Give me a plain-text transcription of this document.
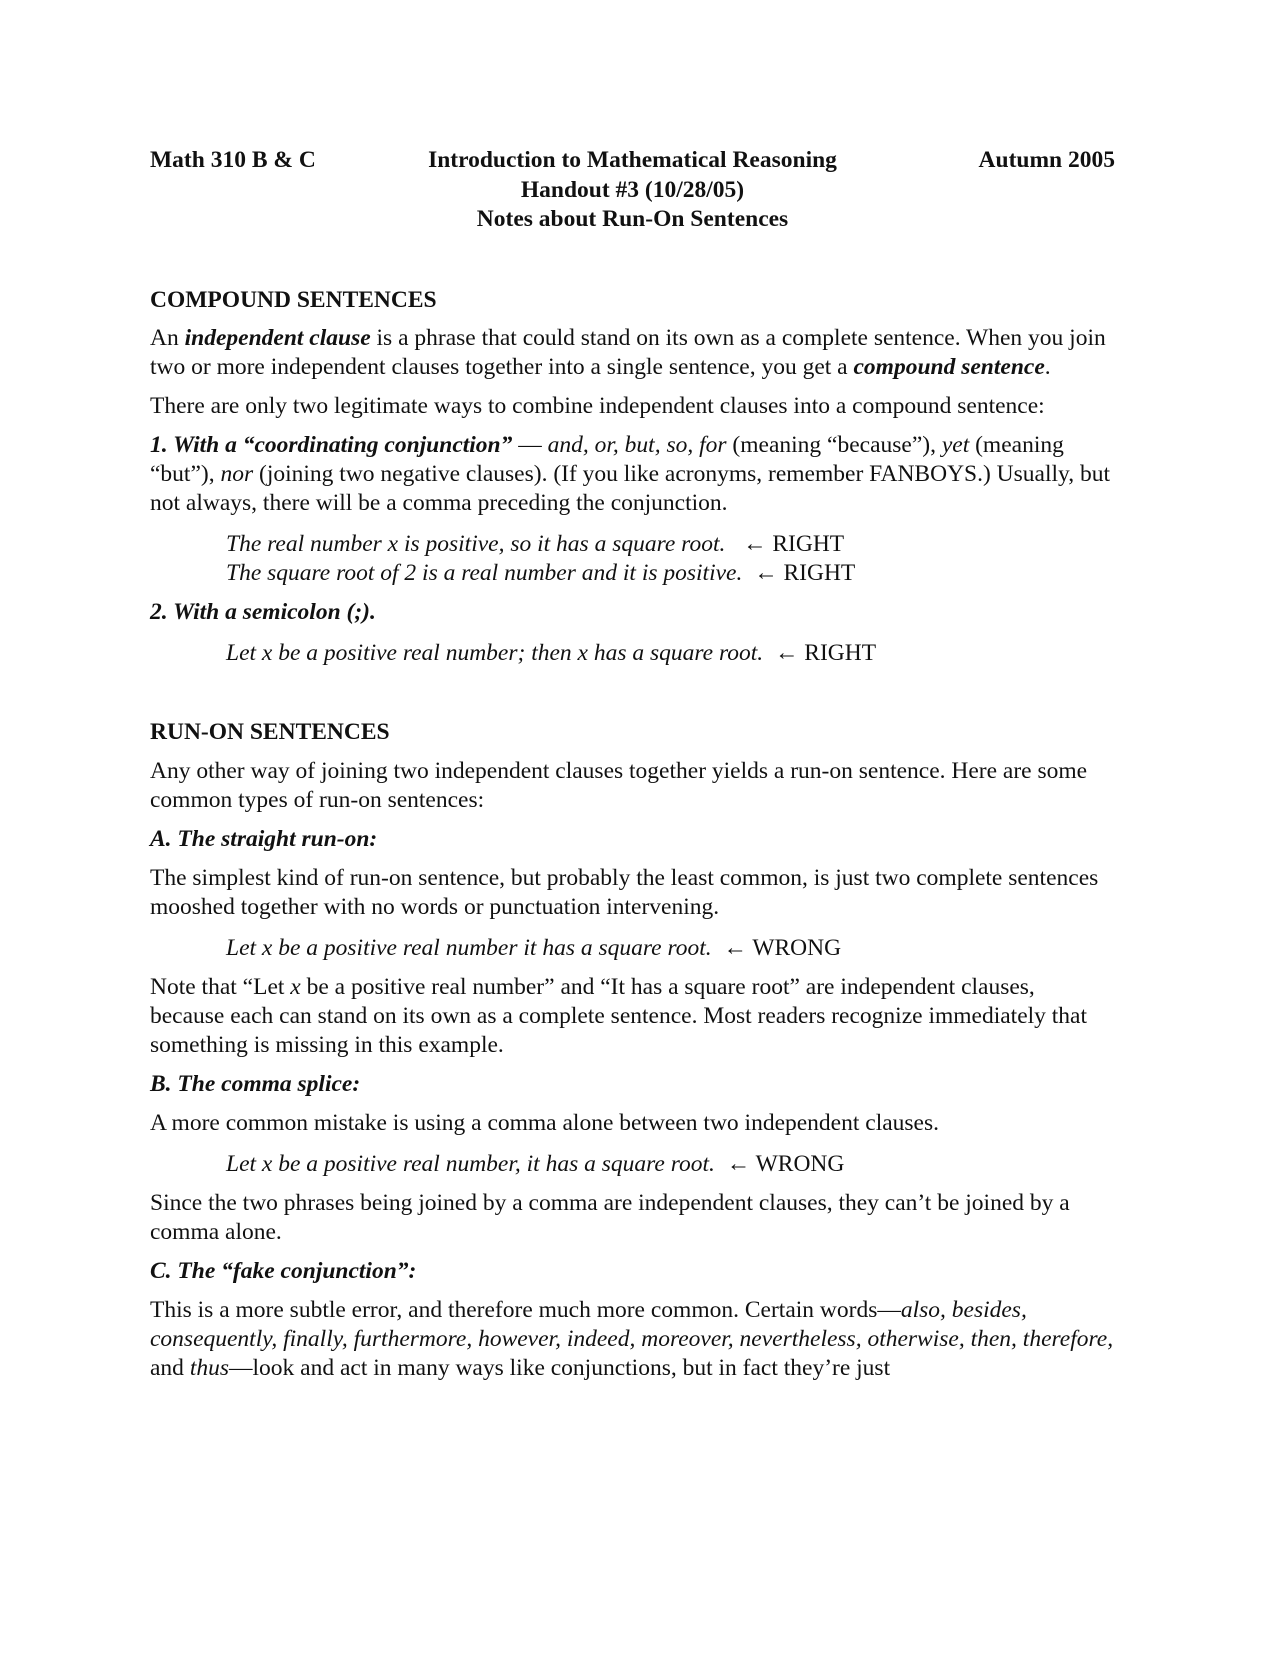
Math 310 B & C	Introduction to Mathematical Reasoning	Autumn 2005
Handout #3 (10/28/05)
Notes about Run-On Sentences
COMPOUND SENTENCES

An independent clause is a phrase that could stand on its own as a complete sentence. When you join two or more independent clauses together into a single sentence, you get a compound sentence.

There are only two legitimate ways to combine independent clauses into a compound sentence:

1. With a “coordinating conjunction” — and, or, but, so, for (meaning “because”), yet (meaning “but”), nor (joining two negative clauses). (If you like acronyms, remember FANBOYS.) Usually, but not always, there will be a comma preceding the conjunction.

The real number x is positive, so it has a square root. ← RIGHT

The square root of 2 is a real number and it is positive. ← RIGHT

2. With a semicolon (;).

Let x be a positive real number; then x has a square root. ← RIGHT

RUN-ON SENTENCES

Any other way of joining two independent clauses together yields a run-on sentence. Here are some common types of run-on sentences:

A. The straight run-on:

The simplest kind of run-on sentence, but probably the least common, is just two complete sentences mooshed together with no words or punctuation intervening.

Let x be a positive real number it has a square root. ← WRONG

Note that “Let x be a positive real number” and “It has a square root” are independent clauses, because each can stand on its own as a complete sentence. Most readers recognize immediately that something is missing in this example.

B. The comma splice:

A more common mistake is using a comma alone between two independent clauses.

Let x be a positive real number, it has a square root. ← WRONG

Since the two phrases being joined by a comma are independent clauses, they can’t be joined by a comma alone.

C. The “fake conjunction”:

This is a more subtle error, and therefore much more common. Certain words—also, besides, consequently, finally, furthermore, however, indeed, moreover, nevertheless, otherwise, then, therefore, and thus—look and act in many ways like conjunctions, but in fact they’re just
